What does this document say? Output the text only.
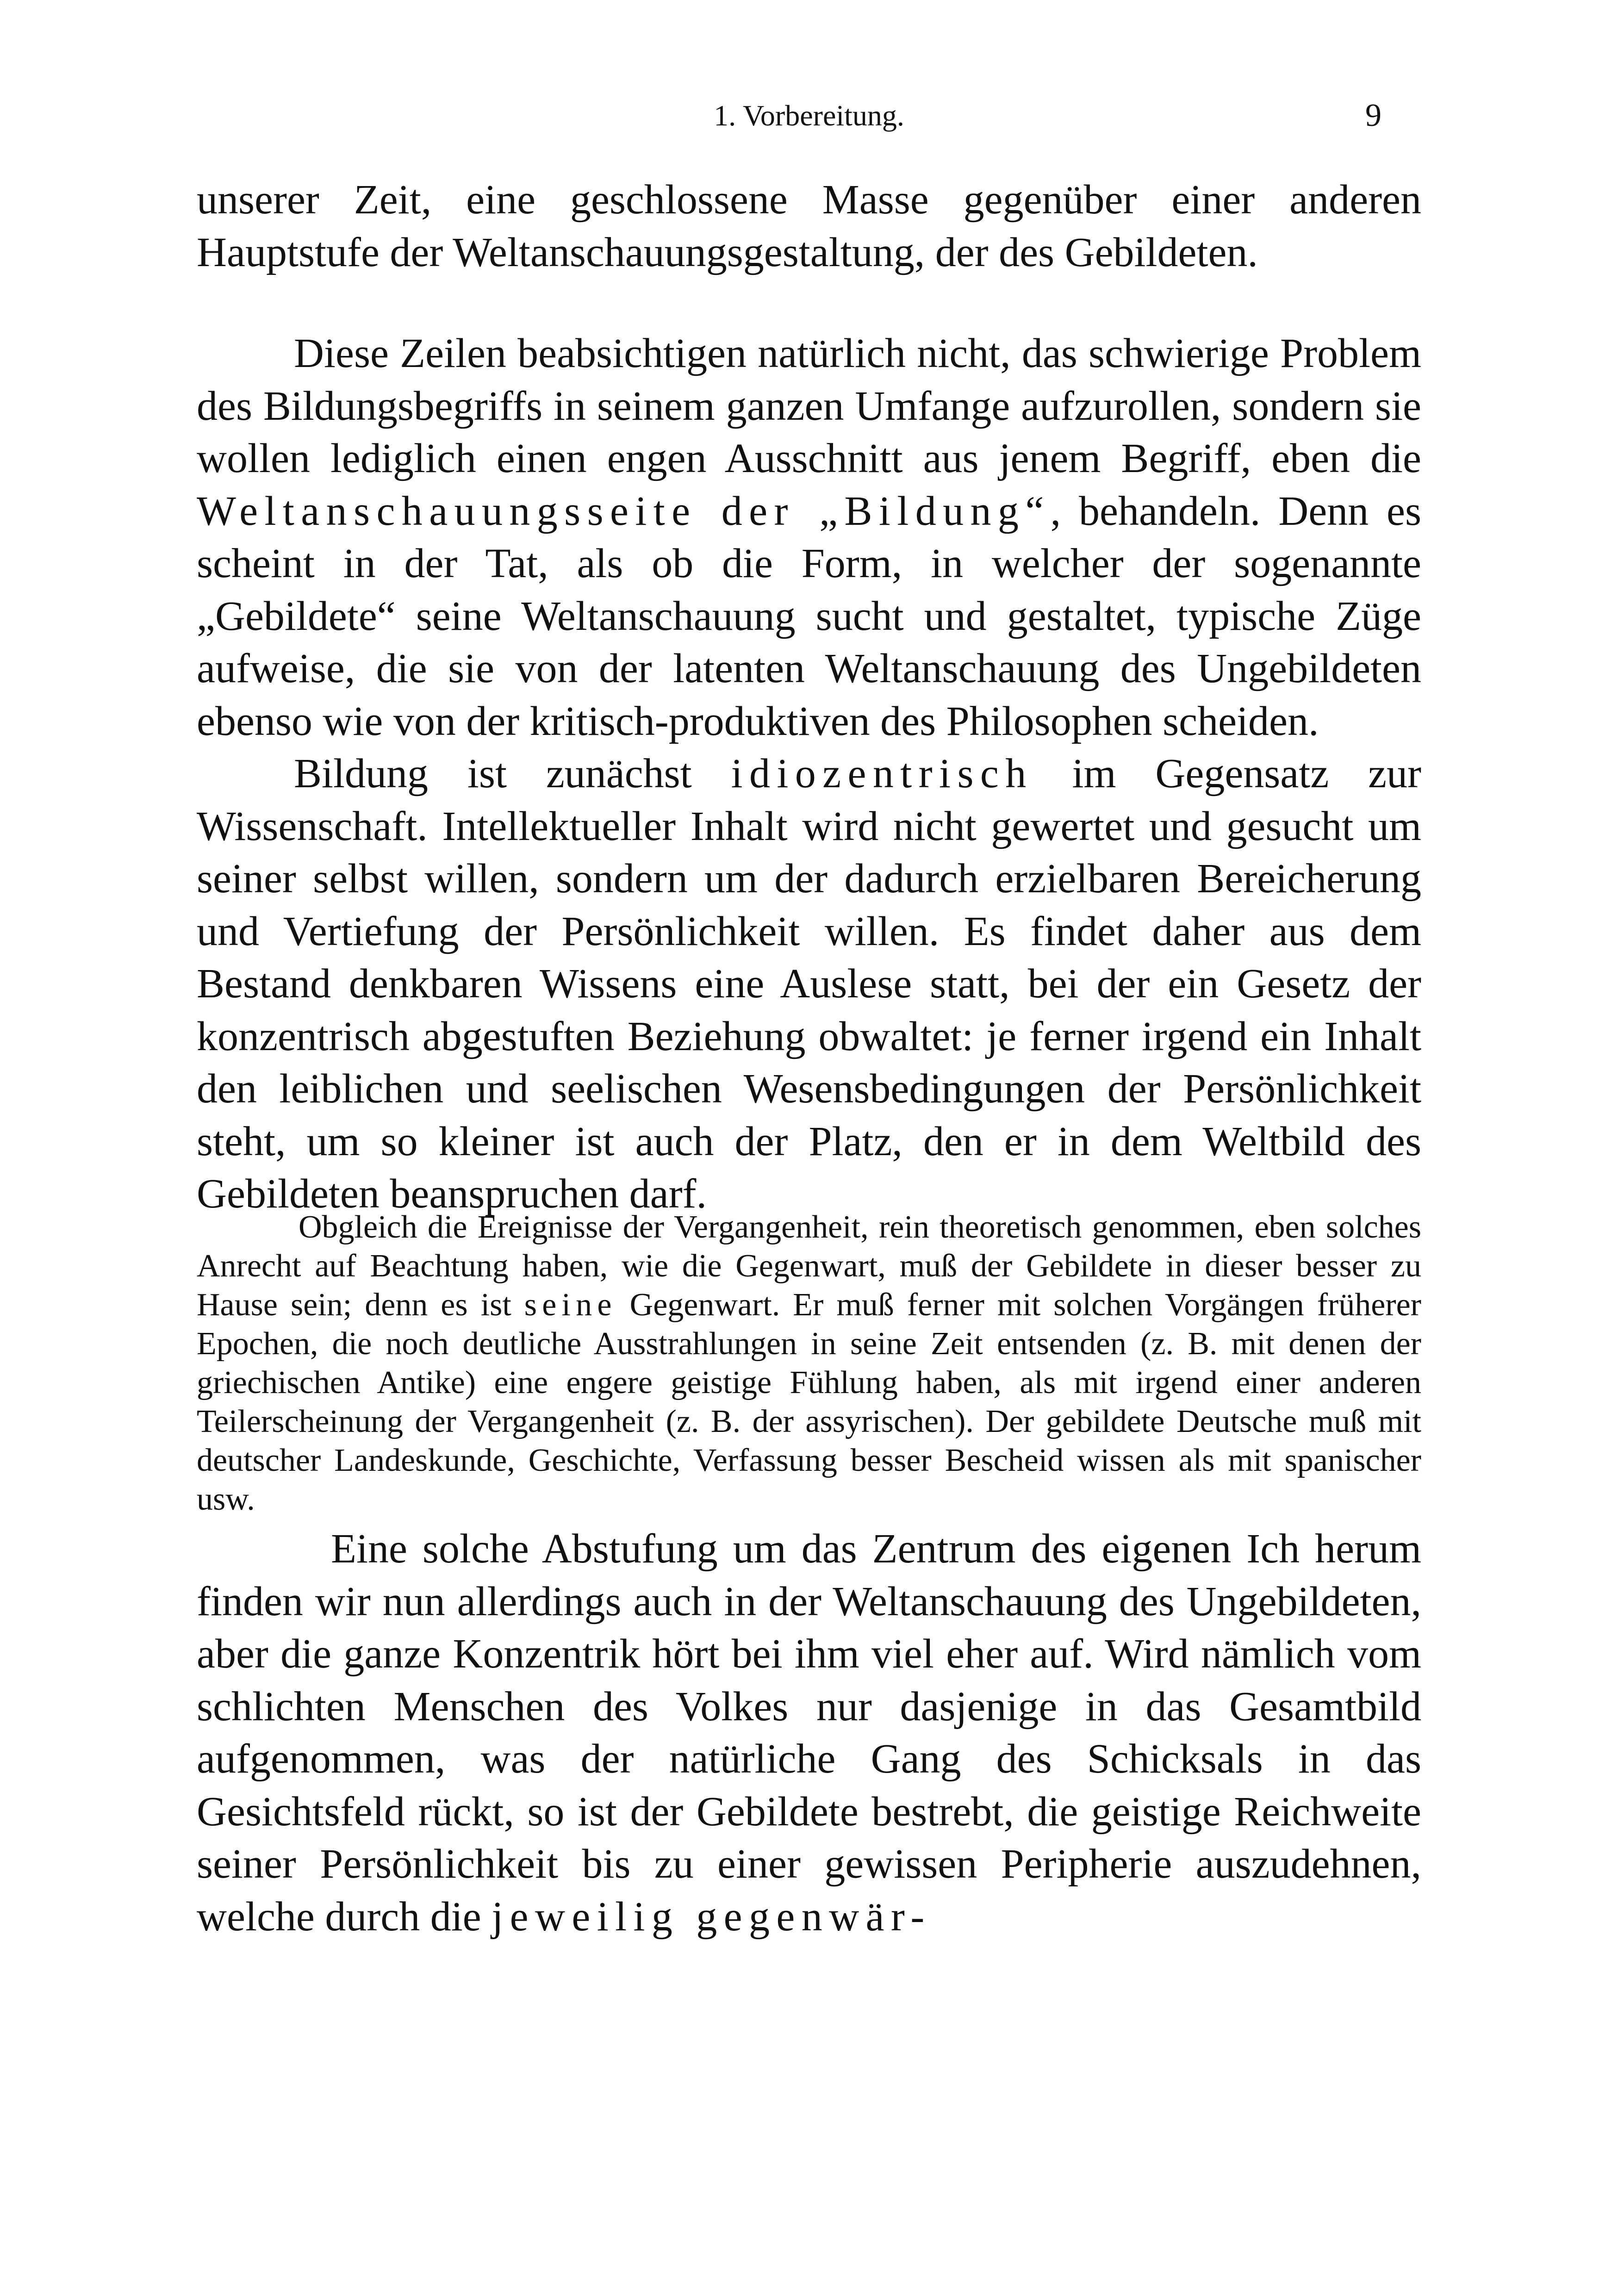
1. Vorbereitung.	9

unserer Zeit, eine geschlossene Masse gegenüber einer anderen Hauptstufe der Weltanschauungsgestaltung, der des Gebildeten.

Diese Zeilen beabsichtigen natürlich nicht, das schwierige Problem des Bildungsbegriffs in seinem ganzen Umfange aufzurollen, sondern sie wollen lediglich einen engen Ausschnitt aus jenem Begriff, eben die Weltanschauungsseite der „Bildung“, behandeln. Denn es scheint in der Tat, als ob die Form, in welcher der sogenannte „Gebildete“ seine Weltanschauung sucht und gestaltet, typische Züge aufweise, die sie von der latenten Weltanschauung des Ungebildeten ebenso wie von der kritisch-produktiven des Philosophen scheiden.

Bildung ist zunächst idiozentrisch im Gegensatz zur Wissenschaft. Intellektueller Inhalt wird nicht gewertet und gesucht um seiner selbst willen, sondern um der dadurch erzielbaren Bereicherung und Vertiefung der Persönlichkeit willen. Es findet daher aus dem Bestand denkbaren Wissens eine Auslese statt, bei der ein Gesetz der konzentrisch abgestuften Beziehung obwaltet: je ferner irgend ein Inhalt den leiblichen und seelischen Wesensbedingungen der Persönlichkeit steht, um so kleiner ist auch der Platz, den er in dem Weltbild des Gebildeten beanspruchen darf.

Obgleich die Ereignisse der Vergangenheit, rein theoretisch genommen, eben solches Anrecht auf Beachtung haben, wie die Gegenwart, muß der Gebildete in dieser besser zu Hause sein; denn es ist seine Gegenwart. Er muß ferner mit solchen Vorgängen früherer Epochen, die noch deutliche Ausstrahlungen in seine Zeit entsenden (z. B. mit denen der griechischen Antike) eine engere geistige Fühlung haben, als mit irgend einer anderen Teilerscheinung der Vergangenheit (z. B. der assyrischen). Der gebildete Deutsche muß mit deutscher Landeskunde, Geschichte, Verfassung besser Bescheid wissen als mit spanischer usw.

Eine solche Abstufung um das Zentrum des eigenen Ich herum finden wir nun allerdings auch in der Weltanschauung des Ungebildeten, aber die ganze Konzentrik hört bei ihm viel eher auf. Wird nämlich vom schlichten Menschen des Volkes nur dasjenige in das Gesamtbild aufgenommen, was der natürliche Gang des Schicksals in das Gesichtsfeld rückt, so ist der Gebildete bestrebt, die geistige Reichweite seiner Persönlichkeit bis zu einer gewissen Peripherie auszudehnen, welche durch die jeweilig gegenwär-
